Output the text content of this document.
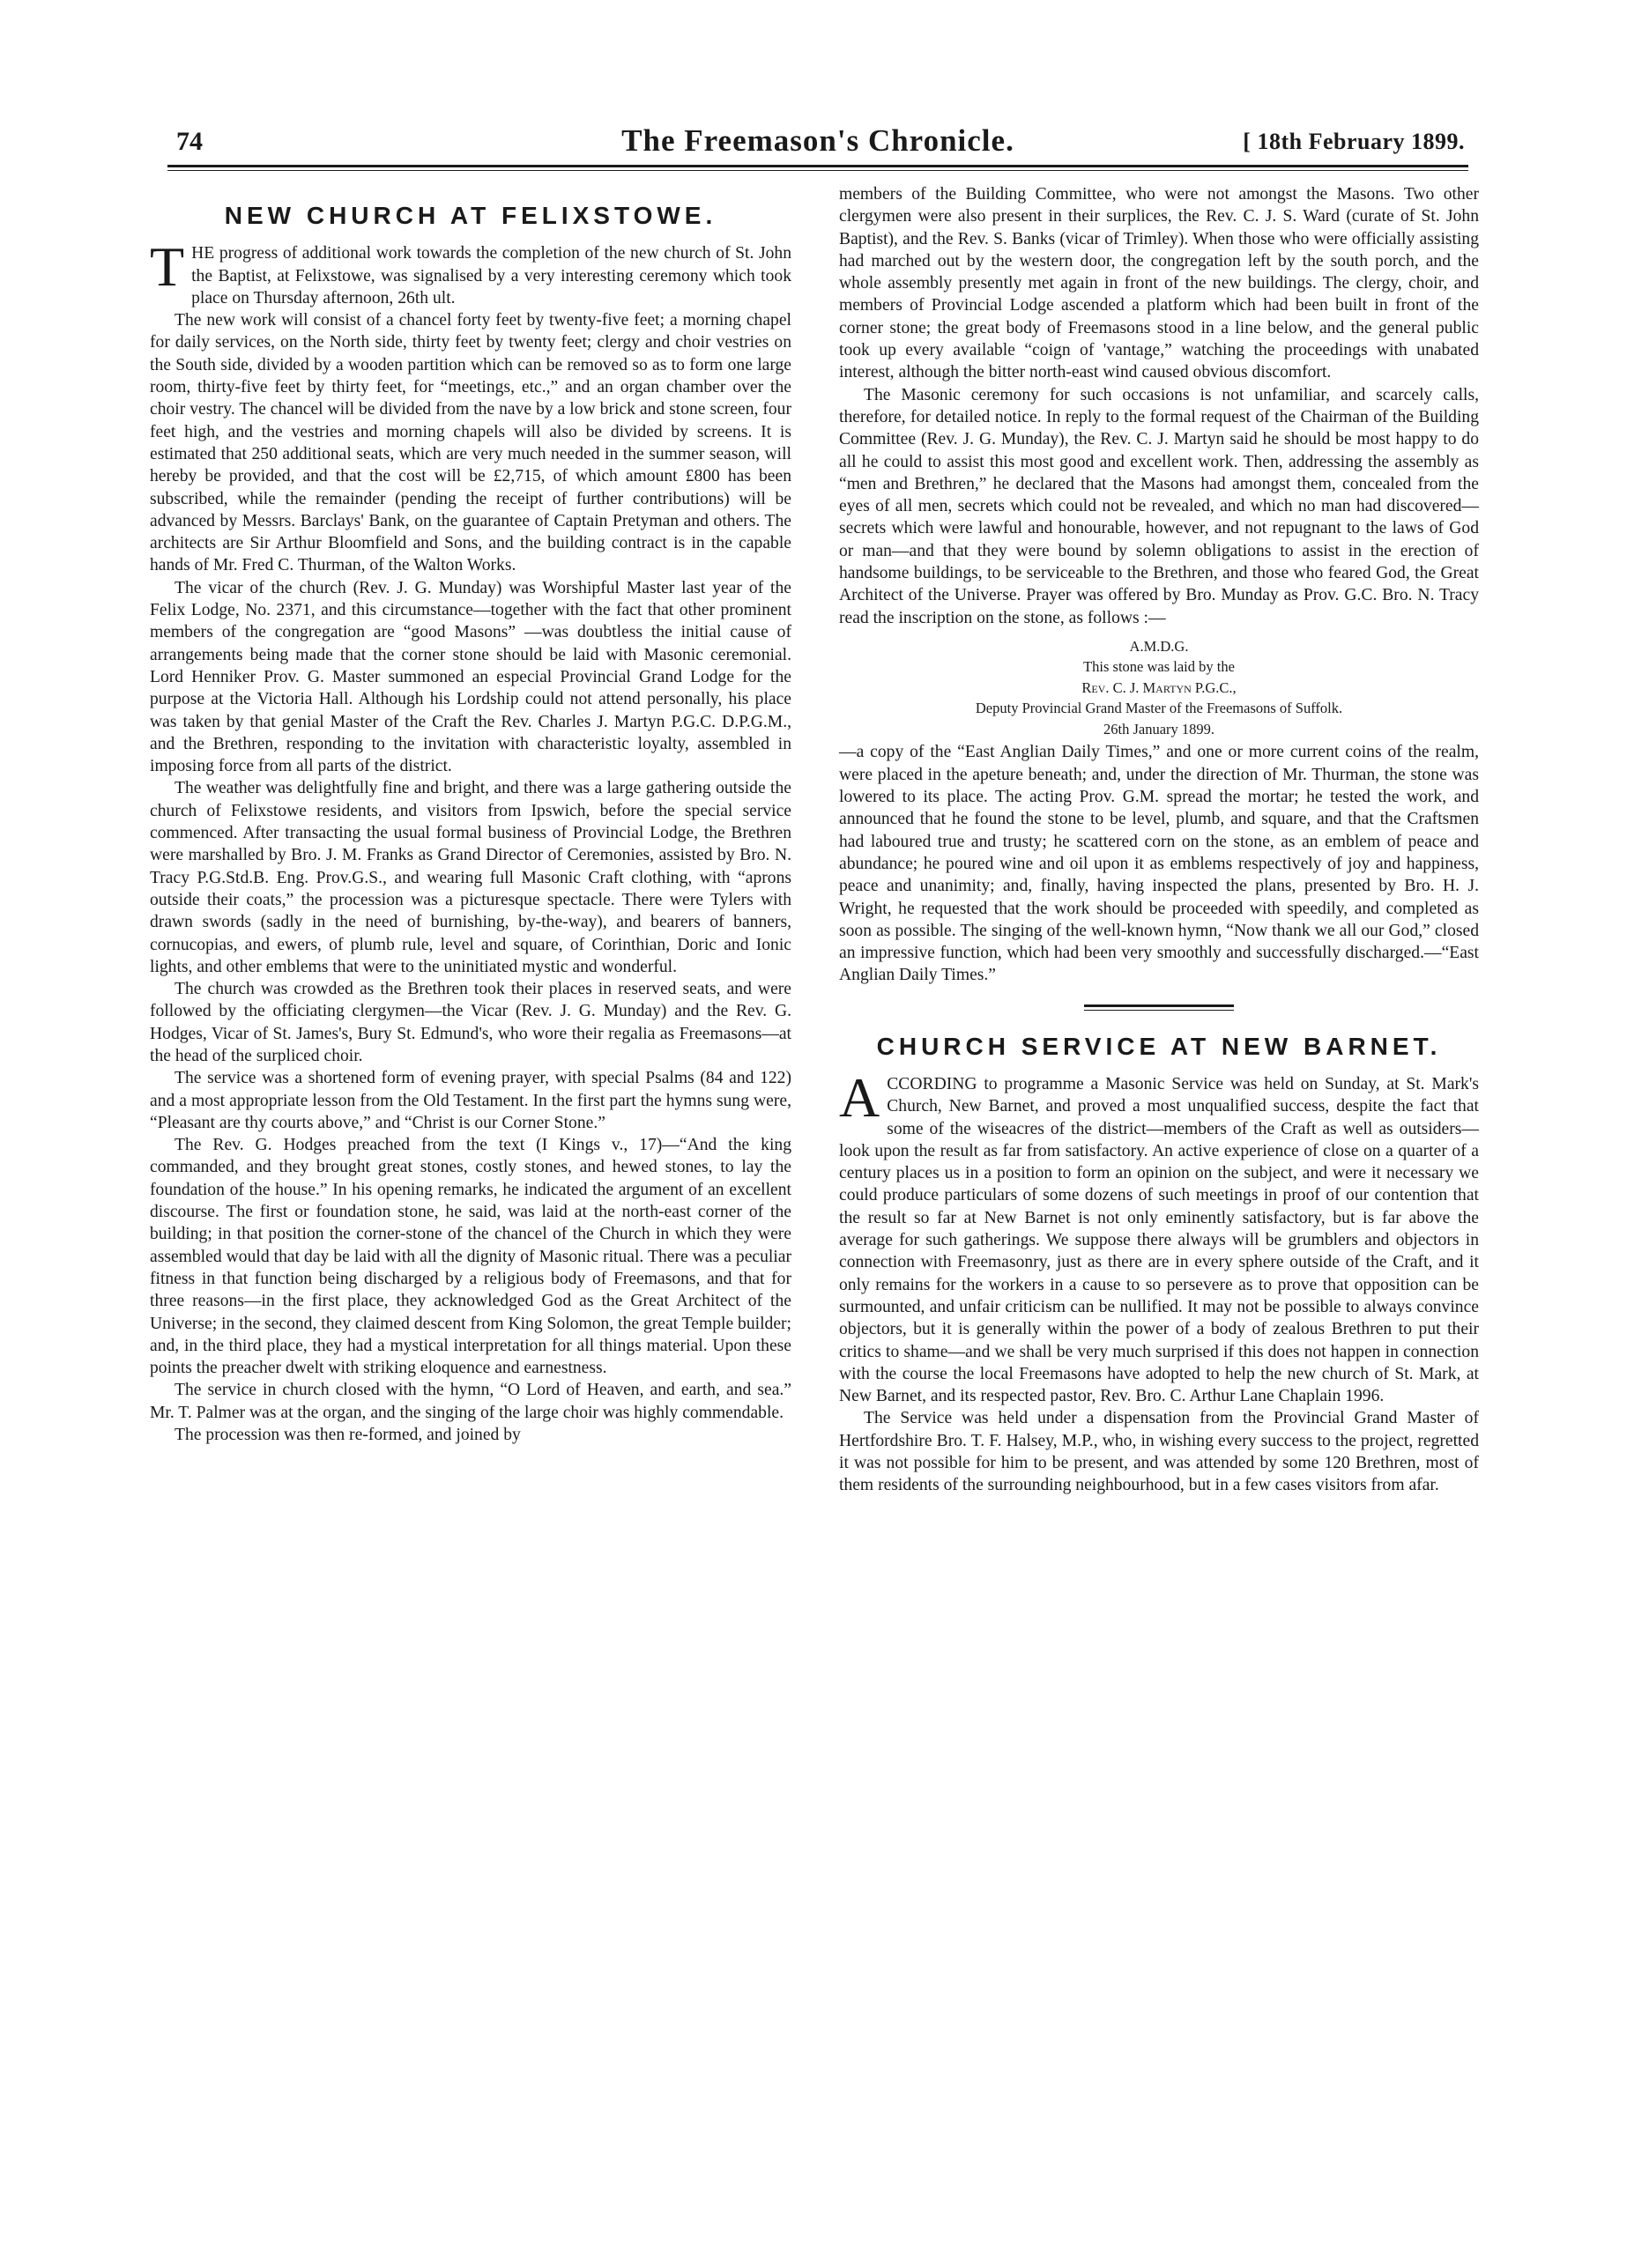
74	The Freemason's Chronicle.	[ 18th February 1899.
NEW CHURCH AT FELIXSTOWE.

THE progress of additional work towards the completion of the new church of St. John the Baptist, at Felixstowe, was signalised by a very interesting ceremony which took place on Thursday afternoon, 26th ult.

The new work will consist of a chancel forty feet by twenty-five feet; a morning chapel for daily services, on the North side, thirty feet by twenty feet; clergy and choir vestries on the South side, divided by a wooden partition which can be removed so as to form one large room, thirty-five feet by thirty feet, for “meetings, etc.,” and an organ chamber over the choir vestry. The chancel will be divided from the nave by a low brick and stone screen, four feet high, and the vestries and morning chapels will also be divided by screens. It is estimated that 250 additional seats, which are very much needed in the summer season, will hereby be provided, and that the cost will be £2,715, of which amount £800 has been subscribed, while the remainder (pending the receipt of further contributions) will be advanced by Messrs. Barclays' Bank, on the guarantee of Captain Pretyman and others. The architects are Sir Arthur Bloomfield and Sons, and the building contract is in the capable hands of Mr. Fred C. Thurman, of the Walton Works.

The vicar of the church (Rev. J. G. Munday) was Worshipful Master last year of the Felix Lodge, No. 2371, and this circumstance—together with the fact that other prominent members of the congregation are “good Masons” —was doubtless the initial cause of arrangements being made that the corner stone should be laid with Masonic ceremonial. Lord Henniker Prov. G. Master summoned an especial Provincial Grand Lodge for the purpose at the Victoria Hall. Although his Lordship could not attend personally, his place was taken by that genial Master of the Craft the Rev. Charles J. Martyn P.G.C. D.P.G.M., and the Brethren, responding to the invitation with characteristic loyalty, assembled in imposing force from all parts of the district.

The weather was delightfully fine and bright, and there was a large gathering outside the church of Felixstowe residents, and visitors from Ipswich, before the special service commenced. After transacting the usual formal business of Provincial Lodge, the Brethren were marshalled by Bro. J. M. Franks as Grand Director of Ceremonies, assisted by Bro. N. Tracy P.G.Std.B. Eng. Prov.G.S., and wearing full Masonic Craft clothing, with “aprons outside their coats,” the procession was a picturesque spectacle. There were Tylers with drawn swords (sadly in the need of burnishing, by-the-way), and bearers of banners, cornucopias, and ewers, of plumb rule, level and square, of Corinthian, Doric and Ionic lights, and other emblems that were to the uninitiated mystic and wonderful.

The church was crowded as the Brethren took their places in reserved seats, and were followed by the officiating clergymen—the Vicar (Rev. J. G. Munday) and the Rev. G. Hodges, Vicar of St. James's, Bury St. Edmund's, who wore their regalia as Freemasons—at the head of the surpliced choir.

The service was a shortened form of evening prayer, with special Psalms (84 and 122) and a most appropriate lesson from the Old Testament. In the first part the hymns sung were, “Pleasant are thy courts above,” and “Christ is our Corner Stone.”

The Rev. G. Hodges preached from the text (I Kings v., 17)—“And the king commanded, and they brought great stones, costly stones, and hewed stones, to lay the foundation of the house.” In his opening remarks, he indicated the argument of an excellent discourse. The first or foundation stone, he said, was laid at the north-east corner of the building; in that position the corner-stone of the chancel of the Church in which they were assembled would that day be laid with all the dignity of Masonic ritual. There was a peculiar fitness in that function being discharged by a religious body of Freemasons, and that for three reasons—in the first place, they acknowledged God as the Great Architect of the Universe; in the second, they claimed descent from King Solomon, the great Temple builder; and, in the third place, they had a mystical interpretation for all things material. Upon these points the preacher dwelt with striking eloquence and earnestness.

The service in church closed with the hymn, “O Lord of Heaven, and earth, and sea.” Mr. T. Palmer was at the organ, and the singing of the large choir was highly commendable.

The procession was then re-formed, and joined by

members of the Building Committee, who were not amongst the Masons. Two other clergymen were also present in their surplices, the Rev. C. J. S. Ward (curate of St. John Baptist), and the Rev. S. Banks (vicar of Trimley). When those who were officially assisting had marched out by the western door, the congregation left by the south porch, and the whole assembly presently met again in front of the new buildings. The clergy, choir, and members of Provincial Lodge ascended a platform which had been built in front of the corner stone; the great body of Freemasons stood in a line below, and the general public took up every available “coign of 'vantage,” watching the proceedings with unabated interest, although the bitter north-east wind caused obvious discomfort.

The Masonic ceremony for such occasions is not unfamiliar, and scarcely calls, therefore, for detailed notice. In reply to the formal request of the Chairman of the Building Committee (Rev. J. G. Munday), the Rev. C. J. Martyn said he should be most happy to do all he could to assist this most good and excellent work. Then, addressing the assembly as “men and Brethren,” he declared that the Masons had amongst them, concealed from the eyes of all men, secrets which could not be revealed, and which no man had discovered—secrets which were lawful and honourable, however, and not repugnant to the laws of God or man—and that they were bound by solemn obligations to assist in the erection of handsome buildings, to be serviceable to the Brethren, and those who feared God, the Great Architect of the Universe. Prayer was offered by Bro. Munday as Prov. G.C. Bro. N. Tracy read the inscription on the stone, as follows :—

A.M.D.G.
This stone was laid by the
Rev. C. J. Martyn P.G.C.,
Deputy Provincial Grand Master of the Freemasons of Suffolk.
26th January 1899.

—a copy of the “East Anglian Daily Times,” and one or more current coins of the realm, were placed in the apeture beneath; and, under the direction of Mr. Thurman, the stone was lowered to its place. The acting Prov. G.M. spread the mortar; he tested the work, and announced that he found the stone to be level, plumb, and square, and that the Craftsmen had laboured true and trusty; he scattered corn on the stone, as an emblem of peace and abundance; he poured wine and oil upon it as emblems respectively of joy and happiness, peace and unanimity; and, finally, having inspected the plans, presented by Bro. H. J. Wright, he requested that the work should be proceeded with speedily, and completed as soon as possible. The singing of the well-known hymn, “Now thank we all our God,” closed an impressive function, which had been very smoothly and successfully discharged.—“East Anglian Daily Times.”

CHURCH SERVICE AT NEW BARNET.

ACCORDING to programme a Masonic Service was held on Sunday, at St. Mark's Church, New Barnet, and proved a most unqualified success, despite the fact that some of the wiseacres of the district—members of the Craft as well as outsiders—look upon the result as far from satisfactory. An active experience of close on a quarter of a century places us in a position to form an opinion on the subject, and were it necessary we could produce particulars of some dozens of such meetings in proof of our contention that the result so far at New Barnet is not only eminently satisfactory, but is far above the average for such gatherings. We suppose there always will be grumblers and objectors in connection with Freemasonry, just as there are in every sphere outside of the Craft, and it only remains for the workers in a cause to so persevere as to prove that opposition can be surmounted, and unfair criticism can be nullified. It may not be possible to always convince objectors, but it is generally within the power of a body of zealous Brethren to put their critics to shame—and we shall be very much surprised if this does not happen in connection with the course the local Freemasons have adopted to help the new church of St. Mark, at New Barnet, and its respected pastor, Rev. Bro. C. Arthur Lane Chaplain 1996.

The Service was held under a dispensation from the Provincial Grand Master of Hertfordshire Bro. T. F. Halsey, M.P., who, in wishing every success to the project, regretted it was not possible for him to be present, and was attended by some 120 Brethren, most of them residents of the surrounding neighbourhood, but in a few cases visitors from afar.
